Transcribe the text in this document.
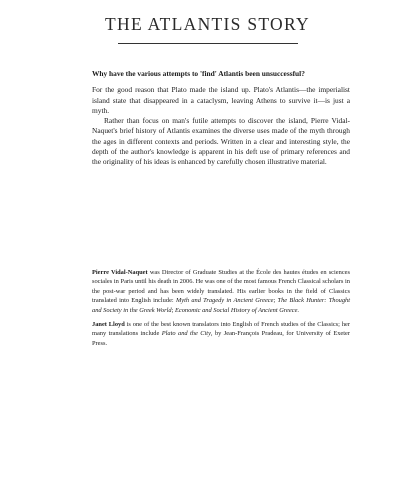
THE ATLANTIS STORY

Why have the various attempts to 'find' Atlantis been unsuccessful?

For the good reason that Plato made the island up. Plato's Atlantis—the imperialist island state that disappeared in a cataclysm, leaving Athens to survive it—is just a myth.

Rather than focus on man's futile attempts to discover the island, Pierre Vidal-Naquet's brief history of Atlantis examines the diverse uses made of the myth through the ages in different contexts and periods. Written in a clear and interesting style, the depth of the author's knowledge is apparent in his deft use of primary references and the originality of his ideas is enhanced by carefully chosen illustrative material.

Pierre Vidal-Naquet was Director of Graduate Studies at the École des hautes études en sciences sociales in Paris until his death in 2006. He was one of the most famous French Classical scholars in the post-war period and has been widely translated. His earlier books in the field of Classics translated into English include: Myth and Tragedy in Ancient Greece; The Black Hunter: Thought and Society in the Greek World; Economic and Social History of Ancient Greece.

Janet Lloyd is one of the best known translators into English of French studies of the Classics; her many translations include Plato and the City, by Jean-François Pradeau, for University of Exeter Press.
